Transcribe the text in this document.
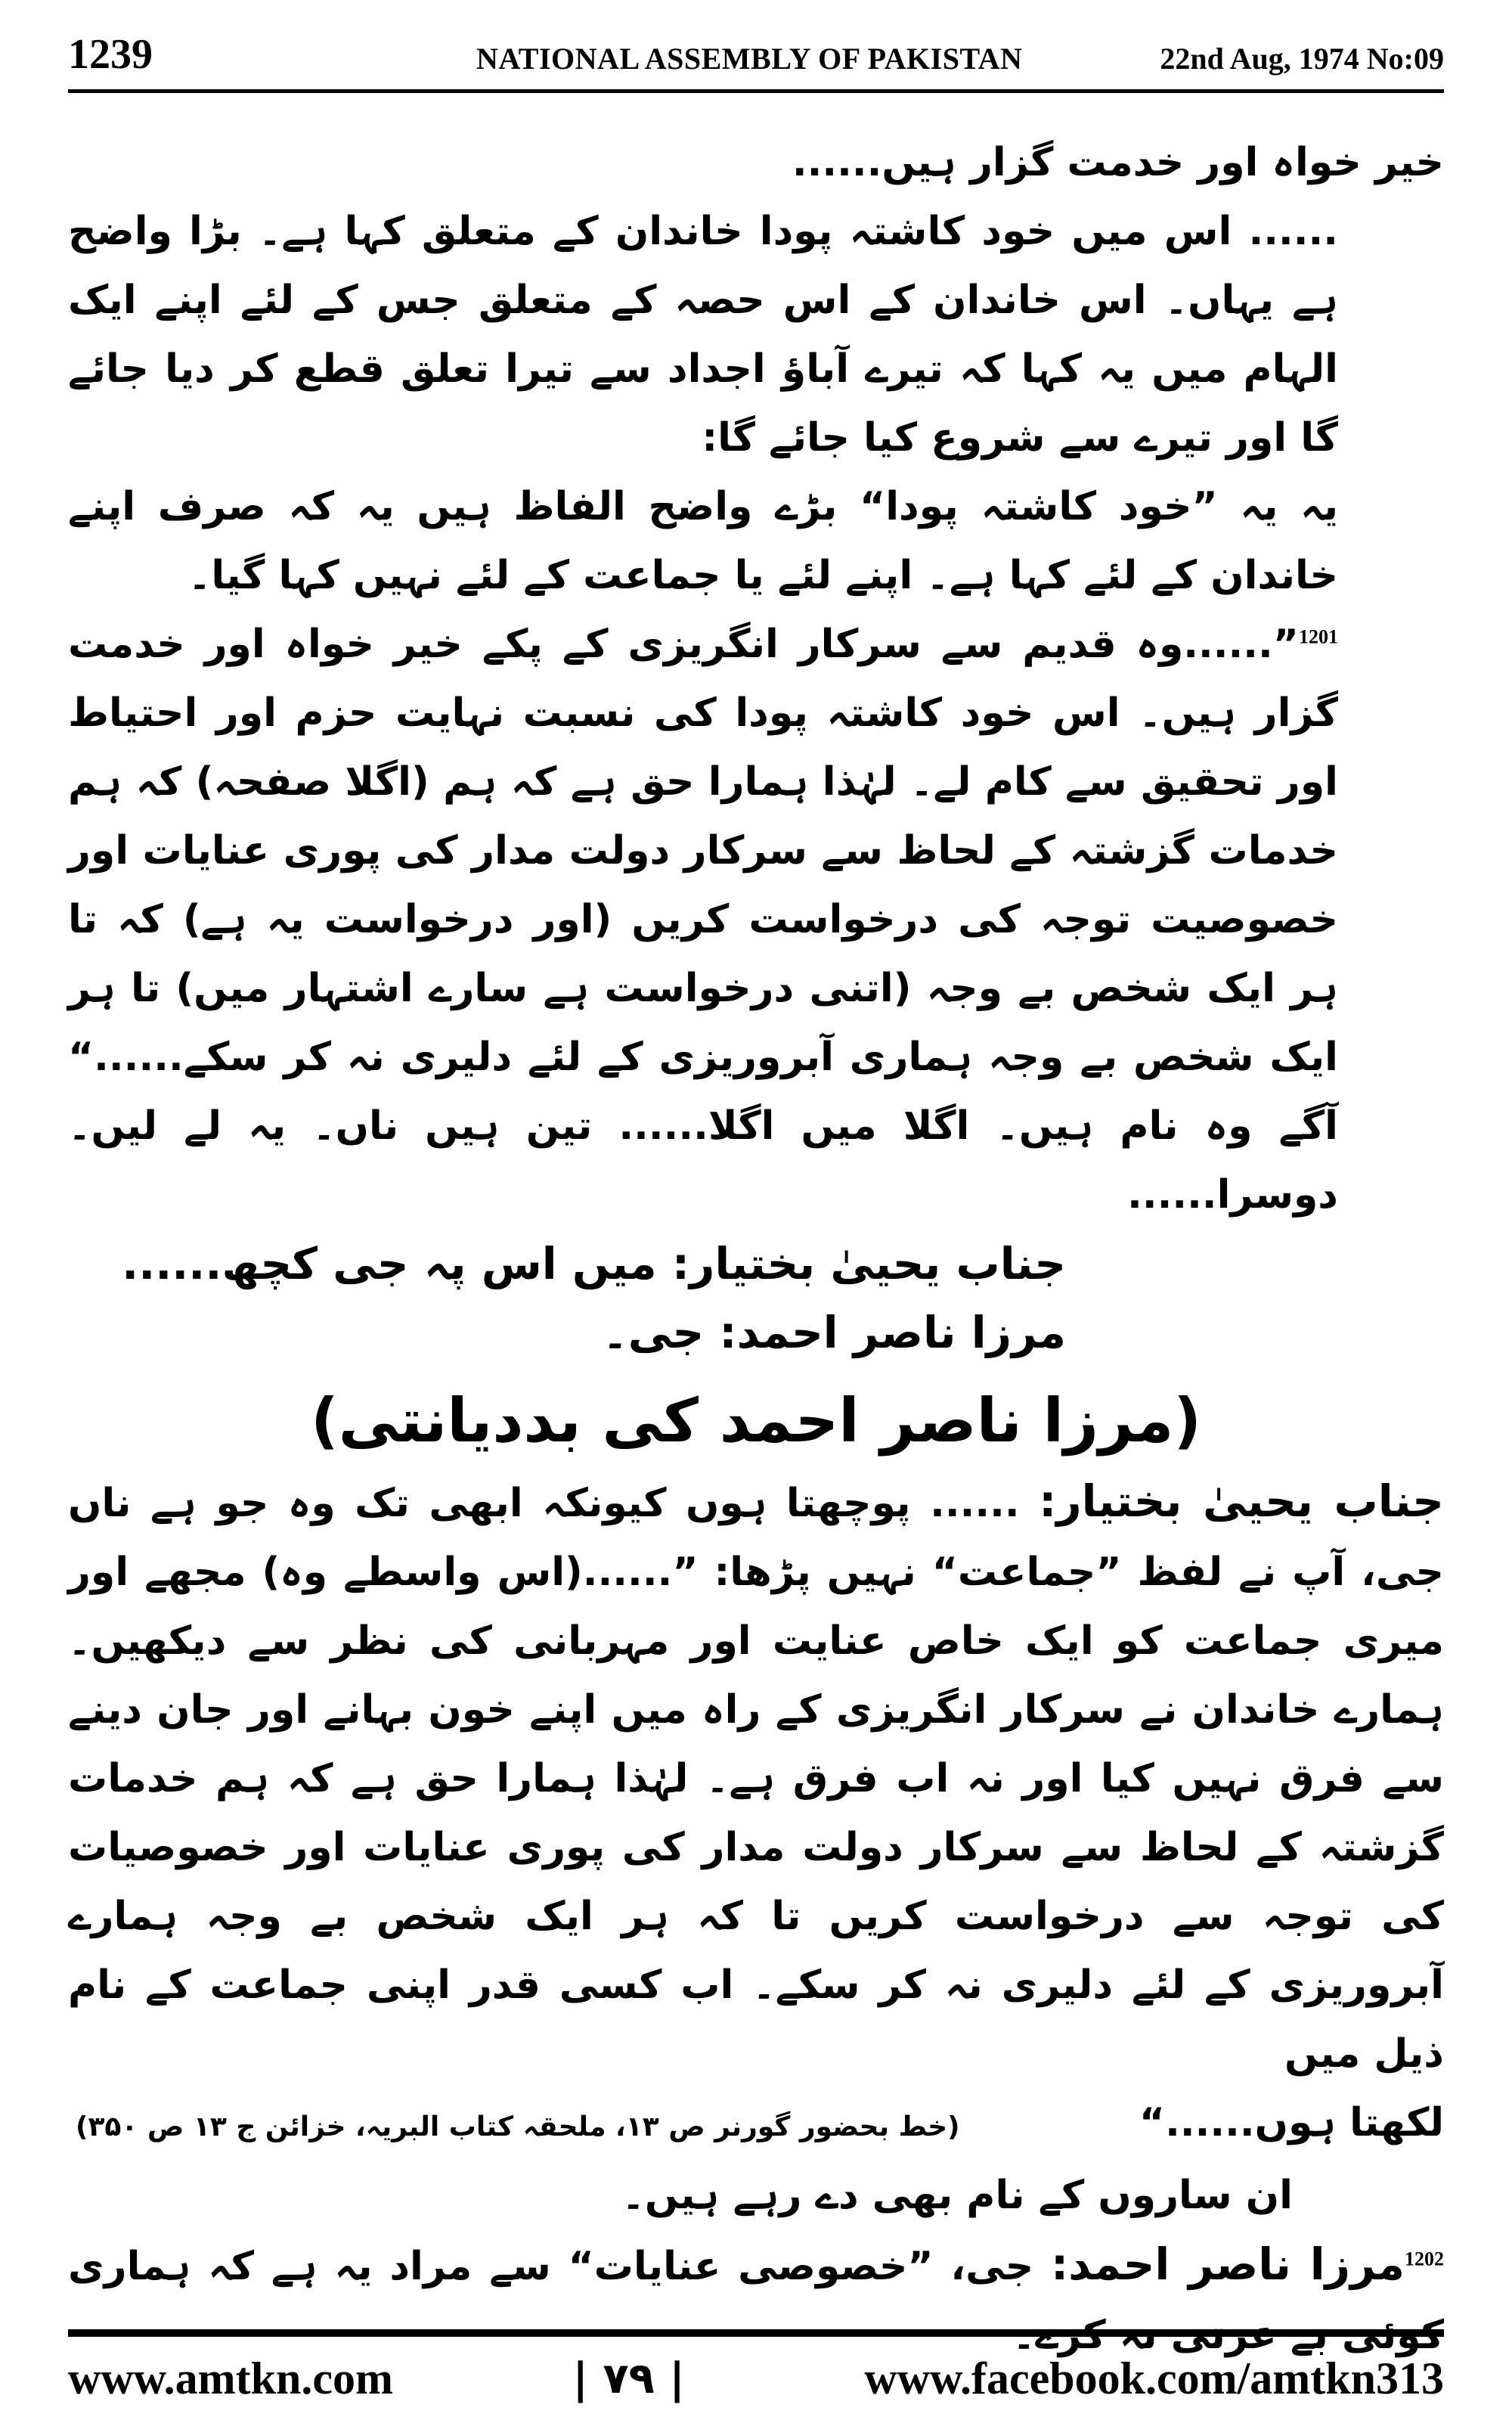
1239	NATIONAL ASSEMBLY OF PAKISTAN	22nd Aug, 1974 No:09

خیر خواہ اور خدمت گزار ہیں......

...... اس میں خود کاشتہ پودا خاندان کے متعلق کہا ہے۔ بڑا واضح ہے یہاں۔ اس خاندان کے اس حصہ کے متعلق جس کے لئے اپنے ایک الہام میں یہ کہا کہ تیرے آباؤ اجداد سے تیرا تعلق قطع کر دیا جائے گا اور تیرے سے شروع کیا جائے گا:

یہ یہ ”خود کاشتہ پودا“ بڑے واضح الفاظ ہیں یہ کہ صرف اپنے خاندان کے لئے کہا ہے۔ اپنے لئے یا جماعت کے لئے نہیں کہا گیا۔

$^{1201}$”......وہ قدیم سے سرکار انگریزی کے پکے خیر خواہ اور خدمت گزار ہیں۔ اس خود کاشتہ پودا کی نسبت نہایت حزم اور احتیاط اور تحقیق سے کام لے۔ لہٰذا ہمارا حق ہے کہ ہم (اگلا صفحہ) کہ ہم خدمات گزشتہ کے لحاظ سے سرکار دولت مدار کی پوری عنایات اور خصوصیت توجہ کی درخواست کریں (اور درخواست یہ ہے) کہ تا ہر ایک شخص بے وجہ (اتنی درخواست ہے سارے اشتہار میں) تا ہر ایک شخص بے وجہ ہماری آبروریزی کے لئے دلیری نہ کر سکے......“ آگے وہ نام ہیں۔ اگلا میں اگلا...... تین ہیں ناں۔ یہ لے لیں۔ دوسرا......

جناب یحییٰ بختیار: میں اس پہ جی کچھ......

مرزا ناصر احمد: جی۔

(مرزا ناصر احمد کی بددیانتی)

جناب یحییٰ بختیار: ...... پوچھتا ہوں کیونکہ ابھی تک وہ جو ہے ناں جی، آپ نے لفظ ”جماعت“ نہیں پڑھا: ”......(اس واسطے وہ) مجھے اور میری جماعت کو ایک خاص عنایت اور مہربانی کی نظر سے دیکھیں۔ ہمارے خاندان نے سرکار انگریزی کے راہ میں اپنے خون بہانے اور جان دینے سے فرق نہیں کیا اور نہ اب فرق ہے۔ لہٰذا ہمارا حق ہے کہ ہم خدمات گزشتہ کے لحاظ سے سرکار دولت مدار کی پوری عنایات اور خصوصیات کی توجہ سے درخواست کریں تا کہ ہر ایک شخص بے وجہ ہمارے آبروریزی کے لئے دلیری نہ کر سکے۔ اب کسی قدر اپنی جماعت کے نام ذیل میں

لکھتا ہوں......“
(خط بحضور گورنر ص ۱۳، ملحقہ کتاب البریہ، خزائن ج ۱۳ ص ۳۵۰)

ان ساروں کے نام بھی دے رہے ہیں۔

$^{1202}$مرزا ناصر احمد: جی، ”خصوصی عنایات“ سے مراد یہ ہے کہ ہماری

www.amtkn.com	| ۷۹ |	www.facebook.com/amtkn313
